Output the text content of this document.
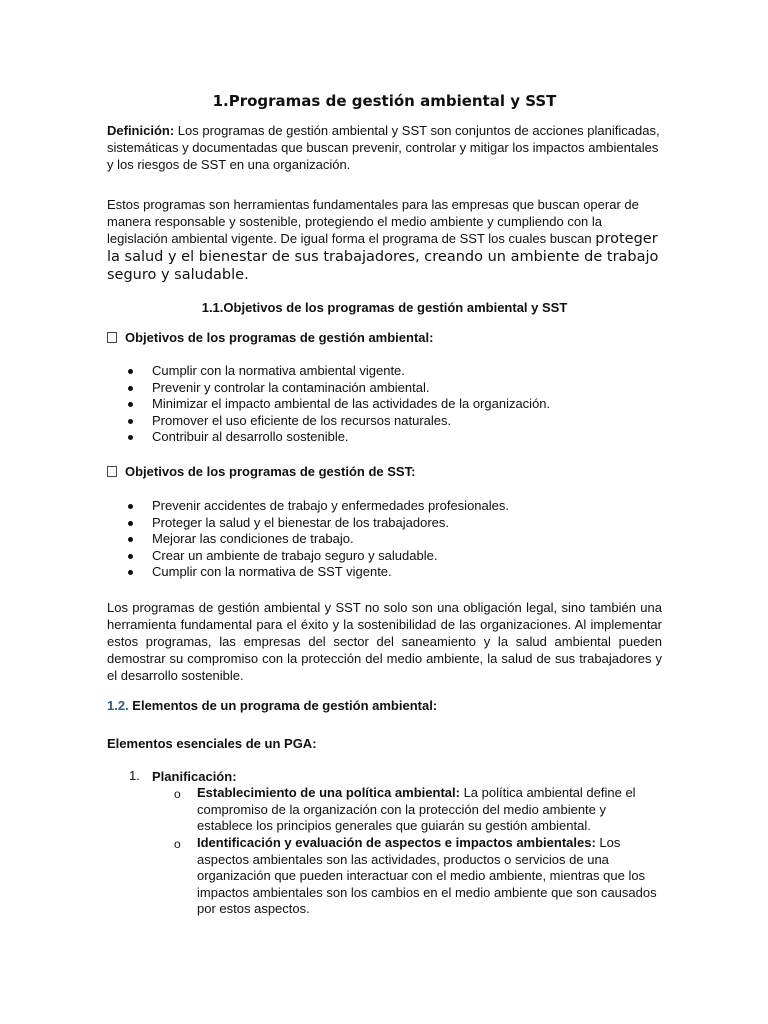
1.Programas de gestión ambiental y SST
Definición: Los programas de gestión ambiental y SST son conjuntos de acciones planificadas, sistemáticas y documentadas que buscan prevenir, controlar y mitigar los impactos ambientales y los riesgos de SST en una organización.
Estos programas son herramientas fundamentales para las empresas que buscan operar de manera responsable y sostenible, protegiendo el medio ambiente y cumpliendo con la legislación ambiental vigente. De igual forma el programa de SST los cuales buscan proteger la salud y el bienestar de sus trabajadores, creando un ambiente de trabajo seguro y saludable.
1.1.Objetivos de los programas de gestión ambiental y SST
Objetivos de los programas de gestión ambiental:
Cumplir con la normativa ambiental vigente.
Prevenir y controlar la contaminación ambiental.
Minimizar el impacto ambiental de las actividades de la organización.
Promover el uso eficiente de los recursos naturales.
Contribuir al desarrollo sostenible.
Objetivos de los programas de gestión de SST:
Prevenir accidentes de trabajo y enfermedades profesionales.
Proteger la salud y el bienestar de los trabajadores.
Mejorar las condiciones de trabajo.
Crear un ambiente de trabajo seguro y saludable.
Cumplir con la normativa de SST vigente.
Los programas de gestión ambiental y SST no solo son una obligación legal, sino también una herramienta fundamental para el éxito y la sostenibilidad de las organizaciones. Al implementar estos programas, las empresas del sector del saneamiento y la salud ambiental pueden demostrar su compromiso con la protección del medio ambiente, la salud de sus trabajadores y el desarrollo sostenible.
1.2. Elementos de un programa de gestión ambiental:
Elementos esenciales de un PGA:
1. Planificación:
o Establecimiento de una política ambiental: La política ambiental define el compromiso de la organización con la protección del medio ambiente y establece los principios generales que guiarán su gestión ambiental.
o Identificación y evaluación de aspectos e impactos ambientales: Los aspectos ambientales son las actividades, productos o servicios de una organización que pueden interactuar con el medio ambiente, mientras que los impactos ambientales son los cambios en el medio ambiente que son causados por estos aspectos.
